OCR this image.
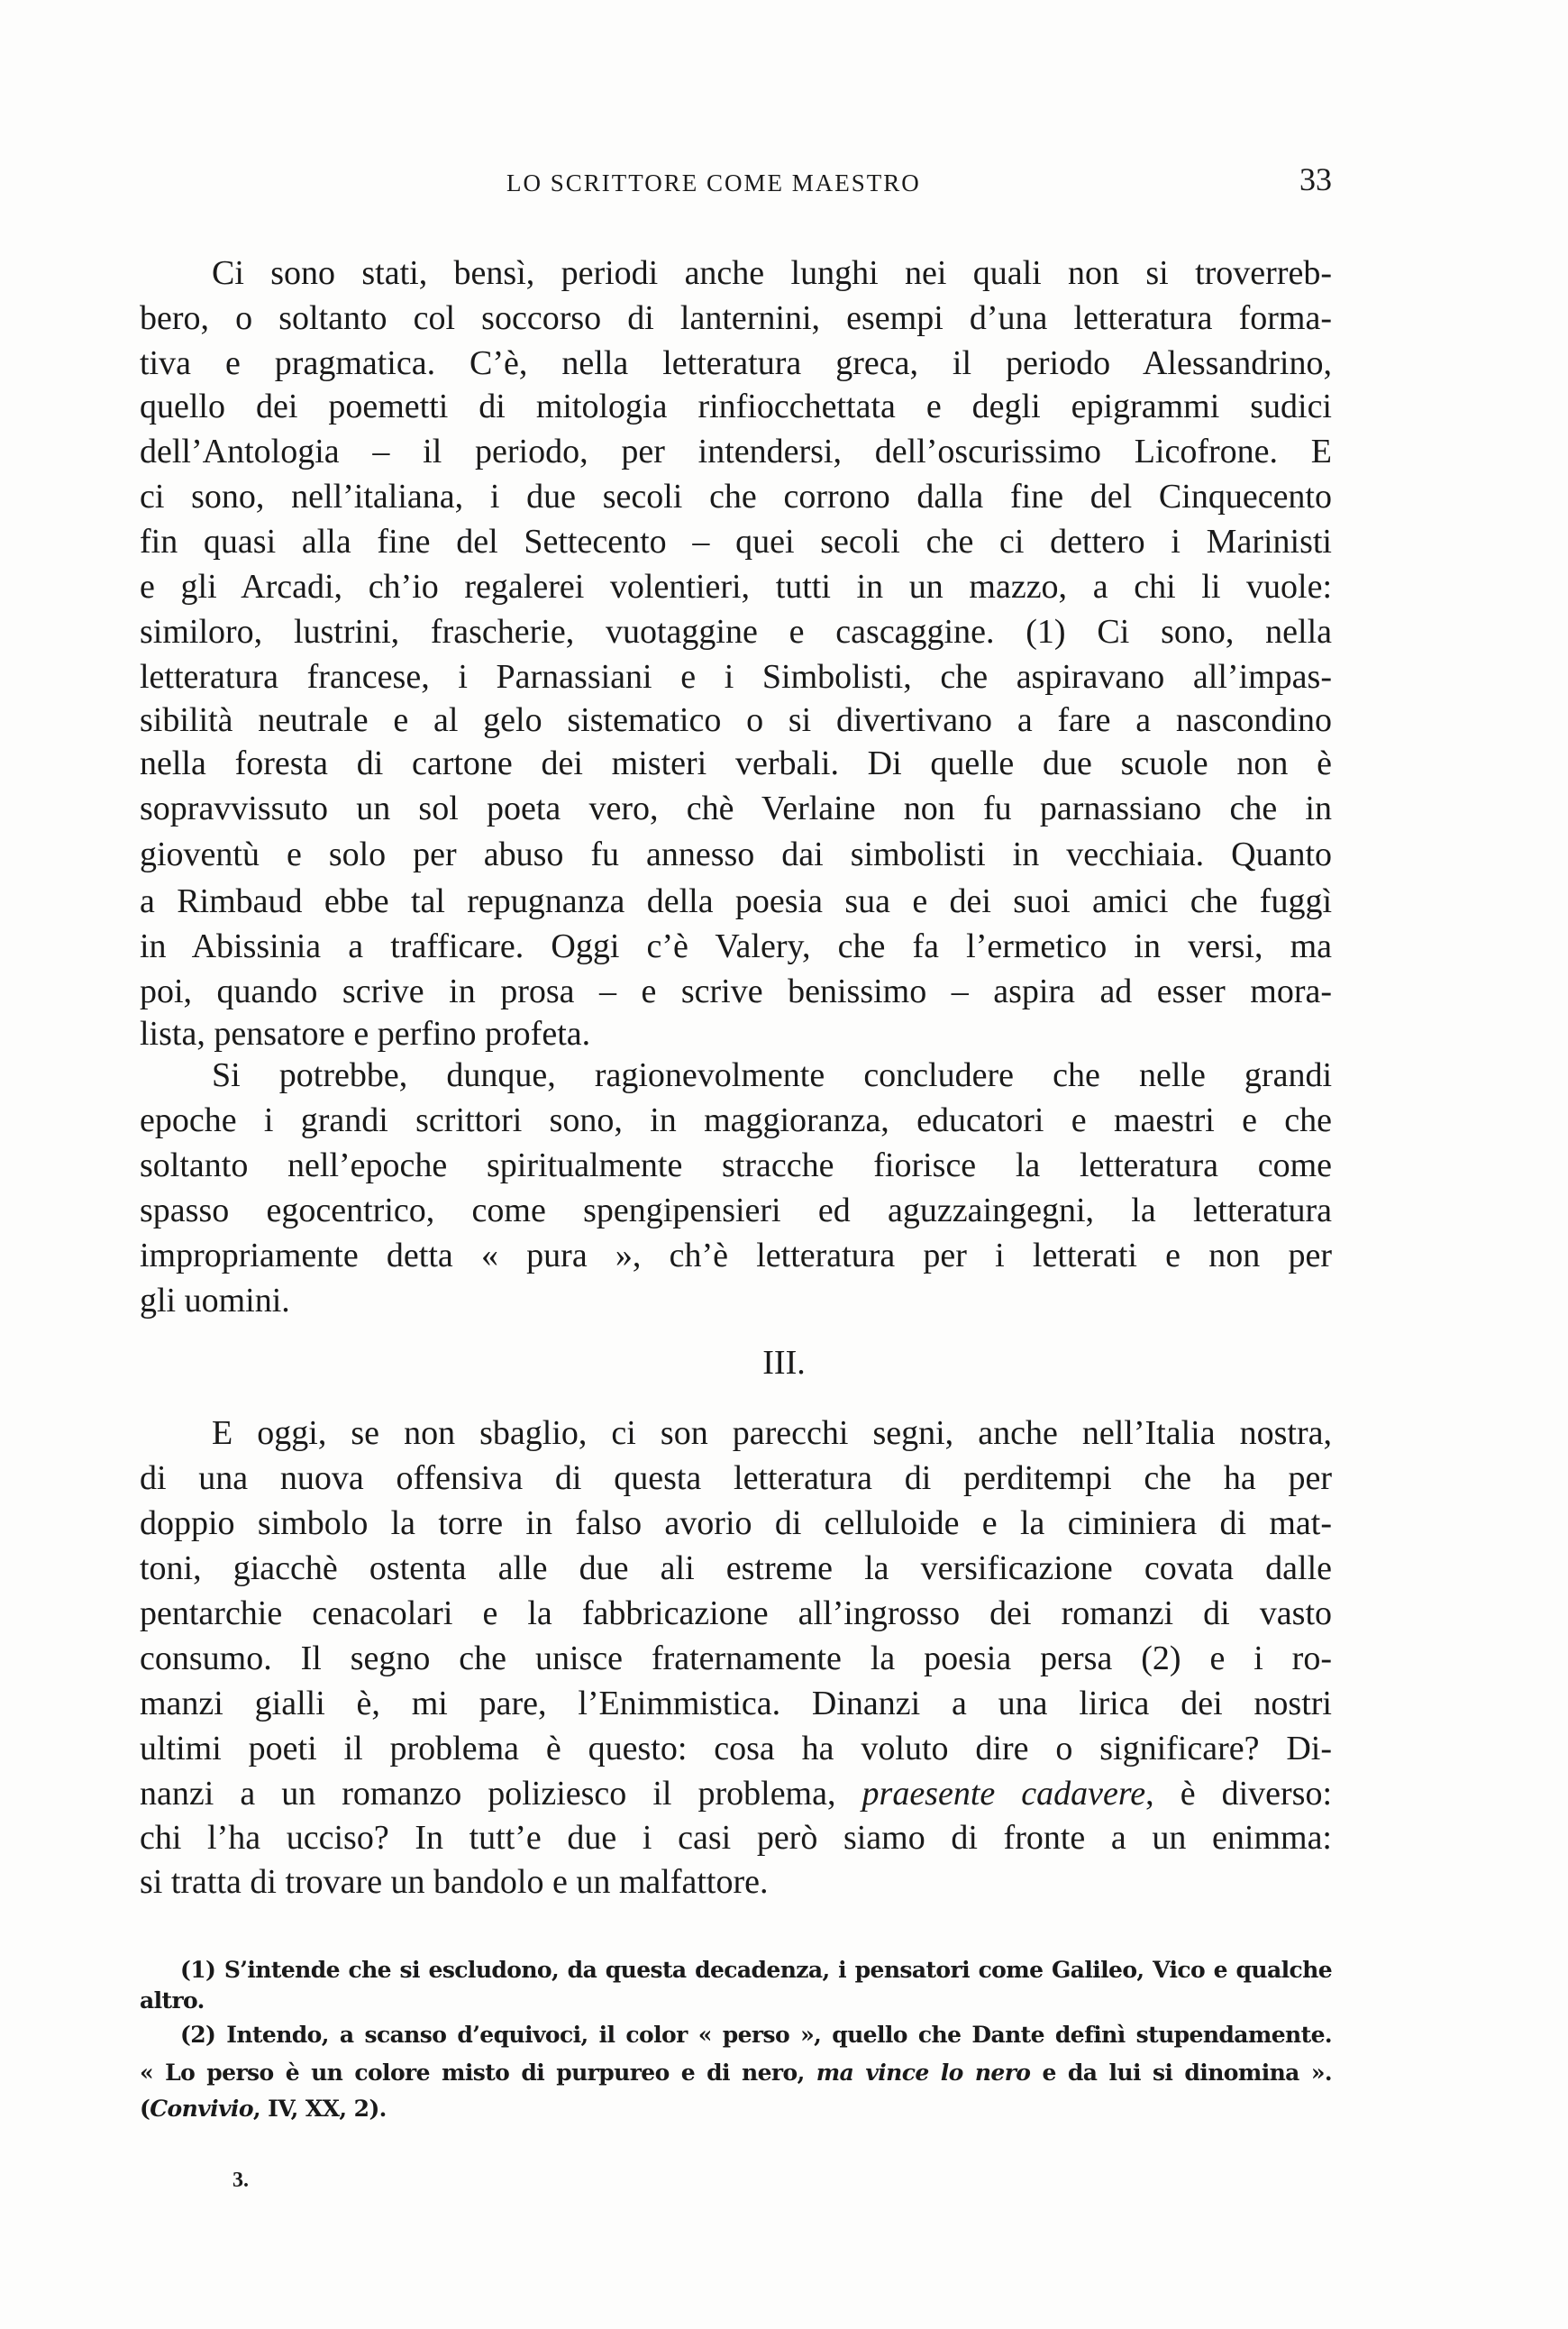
LO SCRITTORE COME MAESTRO	33
Ci sono stati, bensì, periodi anche lunghi nei quali non si troverreb-
bero, o soltanto col soccorso di lanternini, esempi d’una letteratura forma-
tiva e pragmatica. C’è, nella letteratura greca, il periodo Alessandrino,
quello dei poemetti di mitologia rinfiocchettata e degli epigrammi sudici
dell’Antologia – il periodo, per intendersi, dell’oscurissimo Licofrone. E
ci sono, nell’italiana, i due secoli che corrono dalla fine del Cinquecento
fin quasi alla fine del Settecento – quei secoli che ci dettero i Marinisti
e gli Arcadi, ch’io regalerei volentieri, tutti in un mazzo, a chi li vuole:
similoro, lustrini, frascherie, vuotaggine e cascaggine. (1) Ci sono, nella
letteratura francese, i Parnassiani e i Simbolisti, che aspiravano all’impas-
sibilità neutrale e al gelo sistematico o si divertivano a fare a nascondino
nella foresta di cartone dei misteri verbali. Di quelle due scuole non è
sopravvissuto un sol poeta vero, chè Verlaine non fu parnassiano che in
gioventù e solo per abuso fu annesso dai simbolisti in vecchiaia. Quanto
a Rimbaud ebbe tal repugnanza della poesia sua e dei suoi amici che fuggì
in Abissinia a trafficare. Oggi c’è Valery, che fa l’ermetico in versi, ma
poi, quando scrive in prosa – e scrive benissimo – aspira ad esser mora-
lista, pensatore e perfino profeta.
Si potrebbe, dunque, ragionevolmente concludere che nelle grandi
epoche i grandi scrittori sono, in maggioranza, educatori e maestri e che
soltanto nell’epoche spiritualmente stracche fiorisce la letteratura come
spasso egocentrico, come spengipensieri ed aguzzaingegni, la letteratura
impropriamente detta « pura », ch’è letteratura per i letterati e non per
gli uomini.
III.
E oggi, se non sbaglio, ci son parecchi segni, anche nell’Italia nostra,
di una nuova offensiva di questa letteratura di perditempi che ha per
doppio simbolo la torre in falso avorio di celluloide e la ciminiera di mat-
toni, giacchè ostenta alle due ali estreme la versificazione covata dalle
pentarchie cenacolari e la fabbricazione all’ingrosso dei romanzi di vasto
consumo. Il segno che unisce fraternamente la poesia persa (2) e i ro-
manzi gialli è, mi pare, l’Enimmistica. Dinanzi a una lirica dei nostri
ultimi poeti il problema è questo: cosa ha voluto dire o significare? Di-
nanzi a un romanzo poliziesco il problema, praesente cadavere, è diverso:
chi l’ha ucciso? In tutt’e due i casi però siamo di fronte a un enimma:
si tratta di trovare un bandolo e un malfattore.
(1) S’intende che si escludono, da questa decadenza, i pensatori come Galileo, Vico e qualche
altro.
(2) Intendo, a scanso d’equivoci, il color « perso », quello che Dante definì stupendamente.
« Lo perso è un colore misto di purpureo e di nero, ma vince lo nero e da lui si dinomina ».
(Convivio, IV, XX, 2).
3.
